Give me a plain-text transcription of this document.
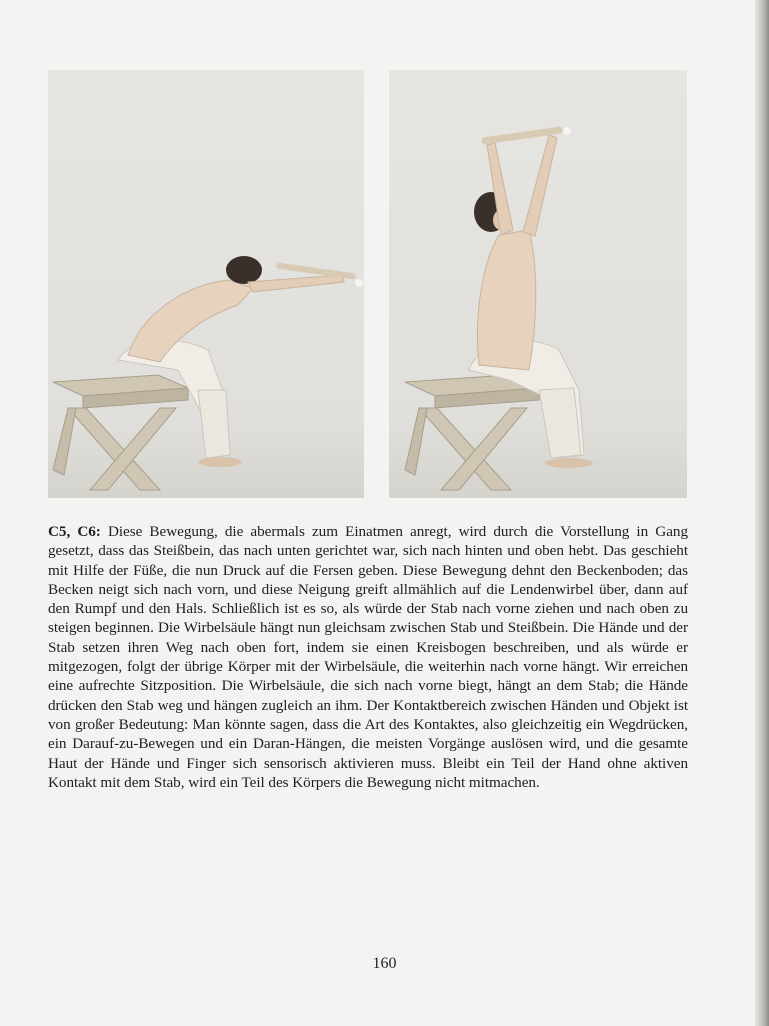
C5, C6: Diese Bewegung, die abermals zum Einatmen anregt, wird durch die Vorstellung in Gang gesetzt, dass das Steißbein, das nach unten gerichtet war, sich nach hinten und oben hebt. Das geschieht mit Hilfe der Füße, die nun Druck auf die Fersen geben. Diese Bewegung dehnt den Beckenboden; das Becken neigt sich nach vorn, und diese Neigung greift allmählich auf die Lendenwirbel über, dann auf den Rumpf und den Hals. Schließlich ist es so, als würde der Stab nach vorne ziehen und nach oben zu steigen beginnen. Die Wirbelsäule hängt nun gleichsam zwischen Stab und Steißbein. Die Hände und der Stab setzen ihren Weg nach oben fort, indem sie einen Kreisbogen beschreiben, und als würde er mitgezogen, folgt der übrige Körper mit der Wirbelsäule, die weiterhin nach vorne hängt. Wir erreichen eine aufrechte Sitzposition. Die Wirbelsäule, die sich nach vorne biegt, hängt an dem Stab; die Hände drücken den Stab weg und hängen zugleich an ihm. Der Kontaktbereich zwischen Händen und Objekt ist von großer Bedeutung: Man könnte sagen, dass die Art des Kontaktes, also gleichzeitig ein Wegdrücken, ein Darauf-zu-Bewegen und ein Daran-Hängen, die meisten Vorgänge auslösen wird, und die gesamte Haut der Hände und Finger sich sensorisch aktivieren muss. Bleibt ein Teil der Hand ohne aktiven Kontakt mit dem Stab, wird ein Teil des Körpers die Bewegung nicht mitmachen.
160
